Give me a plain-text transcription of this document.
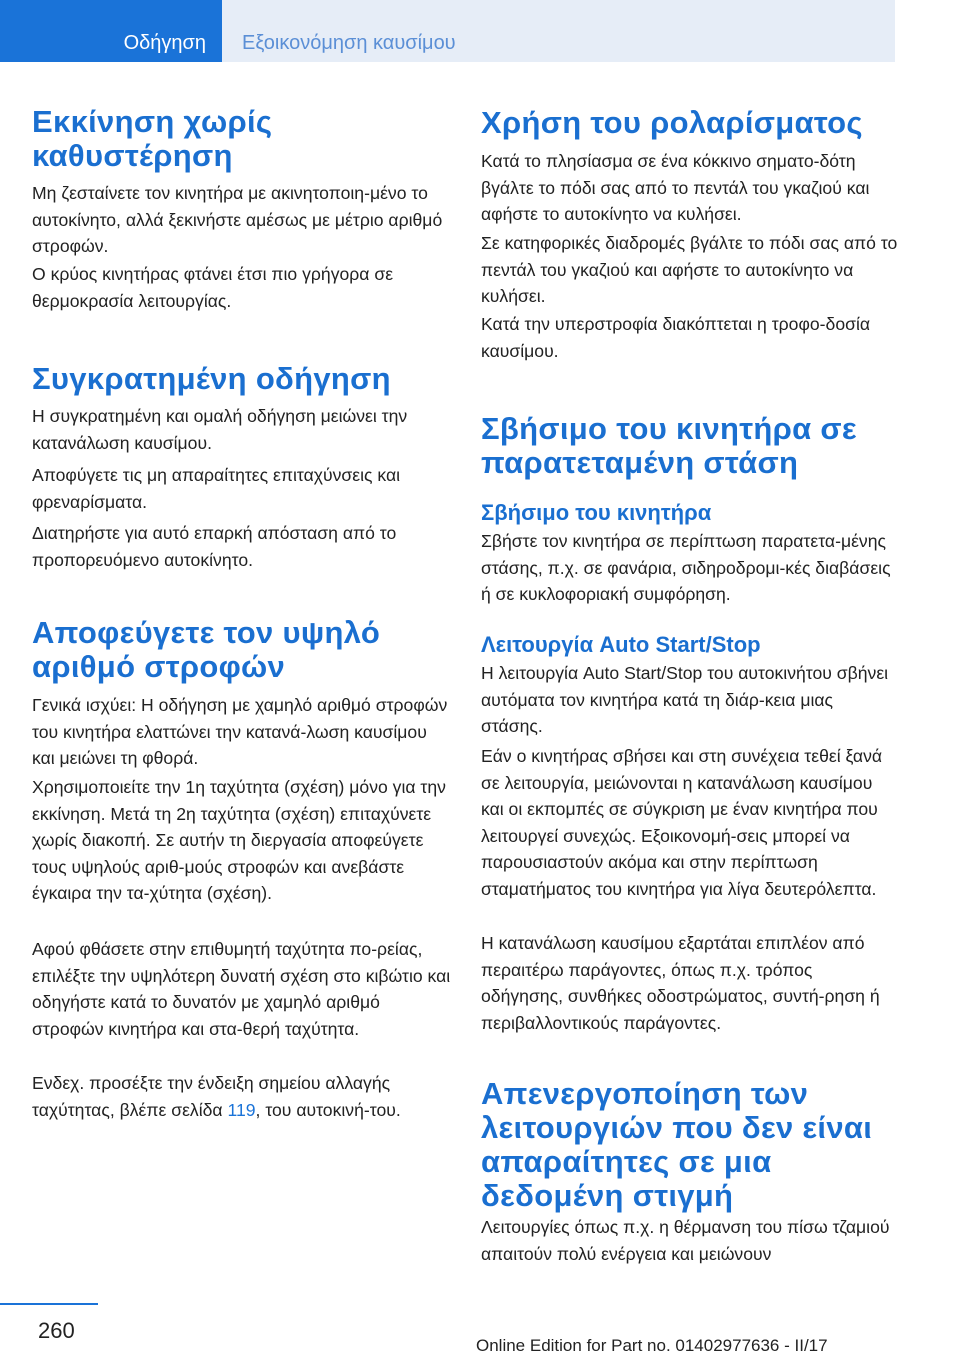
Οδήγηση	Εξοικονόμηση καυσίμου
Εκκίνηση χωρίς καθυστέρηση

Μη ζεσταίνετε τον κινητήρα με ακινητοποιη‐μένο το αυτοκίνητο, αλλά ξεκινήστε αμέσως με μέτριο αριθμό στροφών.

Ο κρύος κινητήρας φτάνει έτσι πιο γρήγορα σε θερμοκρασία λειτουργίας.

Συγκρατημένη οδήγηση

Η συγκρατημένη και ομαλή οδήγηση μειώνει την κατανάλωση καυσίμου.

Αποφύγετε τις μη απαραίτητες επιταχύνσεις και φρεναρίσματα.

Διατηρήστε για αυτό επαρκή απόσταση από το προπορευόμενο αυτοκίνητο.

Αποφεύγετε τον υψηλό αριθμό στροφών

Γενικά ισχύει: Η οδήγηση με χαμηλό αριθμό στροφών του κινητήρα ελαττώνει την κατανά‐λωση καυσίμου και μειώνει τη φθορά.

Χρησιμοποιείτε την 1η ταχύτητα (σχέση) μόνο για την εκκίνηση. Μετά τη 2η ταχύτητα (σχέση) επιταχύνετε χωρίς διακοπή. Σε αυτήν τη διεργασία αποφεύγετε τους υψηλούς αριθ‐μούς στροφών και ανεβάστε έγκαιρα την τα‐χύτητα (σχέση).

Αφού φθάσετε στην επιθυμητή ταχύτητα πο‐ρείας, επιλέξτε την υψηλότερη δυνατή σχέση στο κιβώτιο και οδηγήστε κατά το δυνατόν με χαμηλό αριθμό στροφών κινητήρα και στα‐θερή ταχύτητα.

Ενδεχ. προσέξτε την ένδειξη σημείου αλλαγής ταχύτητας, βλέπε σελίδα 119, του αυτοκινή‐του.

Χρήση του ρολαρίσματος

Κατά το πλησίασμα σε ένα κόκκινο σηματο‐δότη βγάλτε το πόδι σας από το πεντάλ του γκαζιού και αφήστε το αυτοκίνητο να κυλήσει.

Σε κατηφορικές διαδρομές βγάλτε το πόδι σας από το πεντάλ του γκαζιού και αφήστε το αυτοκίνητο να κυλήσει.

Κατά την υπερστροφία διακόπτεται η τροφο‐δοσία καυσίμου.

Σβήσιμο του κινητήρα σε παρατεταμένη στάση
Σβήσιμο του κινητήρα

Σβήστε τον κινητήρα σε περίπτωση παρατετα‐μένης στάσης, π.χ. σε φανάρια, σιδηροδρομι‐κές διαβάσεις ή σε κυκλοφοριακή συμφόρηση.

Λειτουργία Auto Start/Stop

Η λειτουργία Auto Start/Stop του αυτοκινήτου σβήνει αυτόματα τον κινητήρα κατά τη διάρ‐κεια μιας στάσης.

Εάν ο κινητήρας σβήσει και στη συνέχεια τεθεί ξανά σε λειτουργία, μειώνονται η κατανάλωση καυσίμου και οι εκπομπές σε σύγκριση με έναν κινητήρα που λειτουργεί συνεχώς. Εξοικονομή‐σεις μπορεί να παρουσιαστούν ακόμα και στην περίπτωση σταματήματος του κινητήρα για λίγα δευτερόλεπτα.

Η κατανάλωση καυσίμου εξαρτάται επιπλέον από περαιτέρω παράγοντες, όπως π.χ. τρόπος οδήγησης, συνθήκες οδοστρώματος, συντή‐ρηση ή περιβαλλοντικούς παράγοντες.

Απενεργοποίηση των λειτουργιών που δεν είναι απαραίτητες σε μια δεδομένη στιγμή

Λειτουργίες όπως π.χ. η θέρμανση του πίσω τζαμιού απαιτούν πολύ ενέργεια και μειώνουν

260
Online Edition for Part no. 01402977636 - II/17
